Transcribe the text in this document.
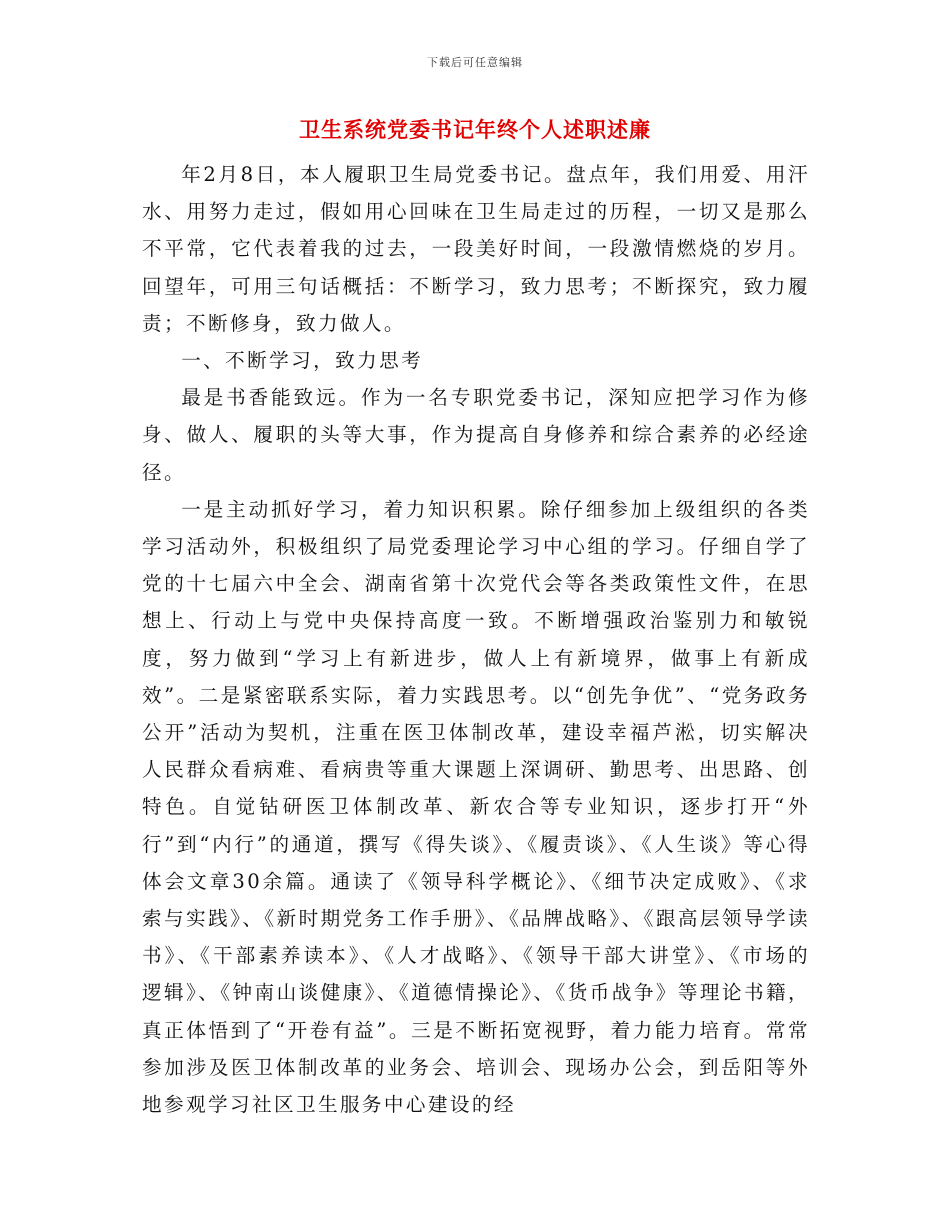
下载后可任意编辑
卫生系统党委书记年终个人述职述廉

年2月8日，本人履职卫生局党委书记。盘点年，我们用爱、用汗水、用努力走过，假如用心回味在卫生局走过的历程，一切又是那么不平常，它代表着我的过去，一段美好时间，一段激情燃烧的岁月。回望年，可用三句话概括：不断学习，致力思考；不断探究，致力履责；不断修身，致力做人。

一、不断学习，致力思考

最是书香能致远。作为一名专职党委书记，深知应把学习作为修身、做人、履职的头等大事，作为提高自身修养和综合素养的必经途径。

一是主动抓好学习，着力知识积累。除仔细参加上级组织的各类学习活动外，积极组织了局党委理论学习中心组的学习。仔细自学了党的十七届六中全会、湖南省第十次党代会等各类政策性文件，在思想上、行动上与党中央保持高度一致。不断增强政治鉴别力和敏锐度，努力做到“学习上有新进步，做人上有新境界，做事上有新成效”。二是紧密联系实际，着力实践思考。以“创先争优”、“党务政务公开”活动为契机，注重在医卫体制改革，建设幸福芦淞，切实解决人民群众看病难、看病贵等重大课题上深调研、勤思考、出思路、创特色。自觉钻研医卫体制改革、新农合等专业知识，逐步打开“外行”到“内行”的通道，撰写《得失谈》、《履责谈》、《人生谈》等心得体会文章30余篇。通读了《领导科学概论》、《细节决定成败》、《求索与实践》、《新时期党务工作手册》、《品牌战略》、《跟高层领导学读书》、《干部素养读本》、《人才战略》、《领导干部大讲堂》、《市场的逻辑》、《钟南山谈健康》、《道德情操论》、《货币战争》等理论书籍，真正体悟到了“开卷有益”。三是不断拓宽视野，着力能力培育。常常参加涉及医卫体制改革的业务会、培训会、现场办公会，到岳阳等外地参观学习社区卫生服务中心建设的经
